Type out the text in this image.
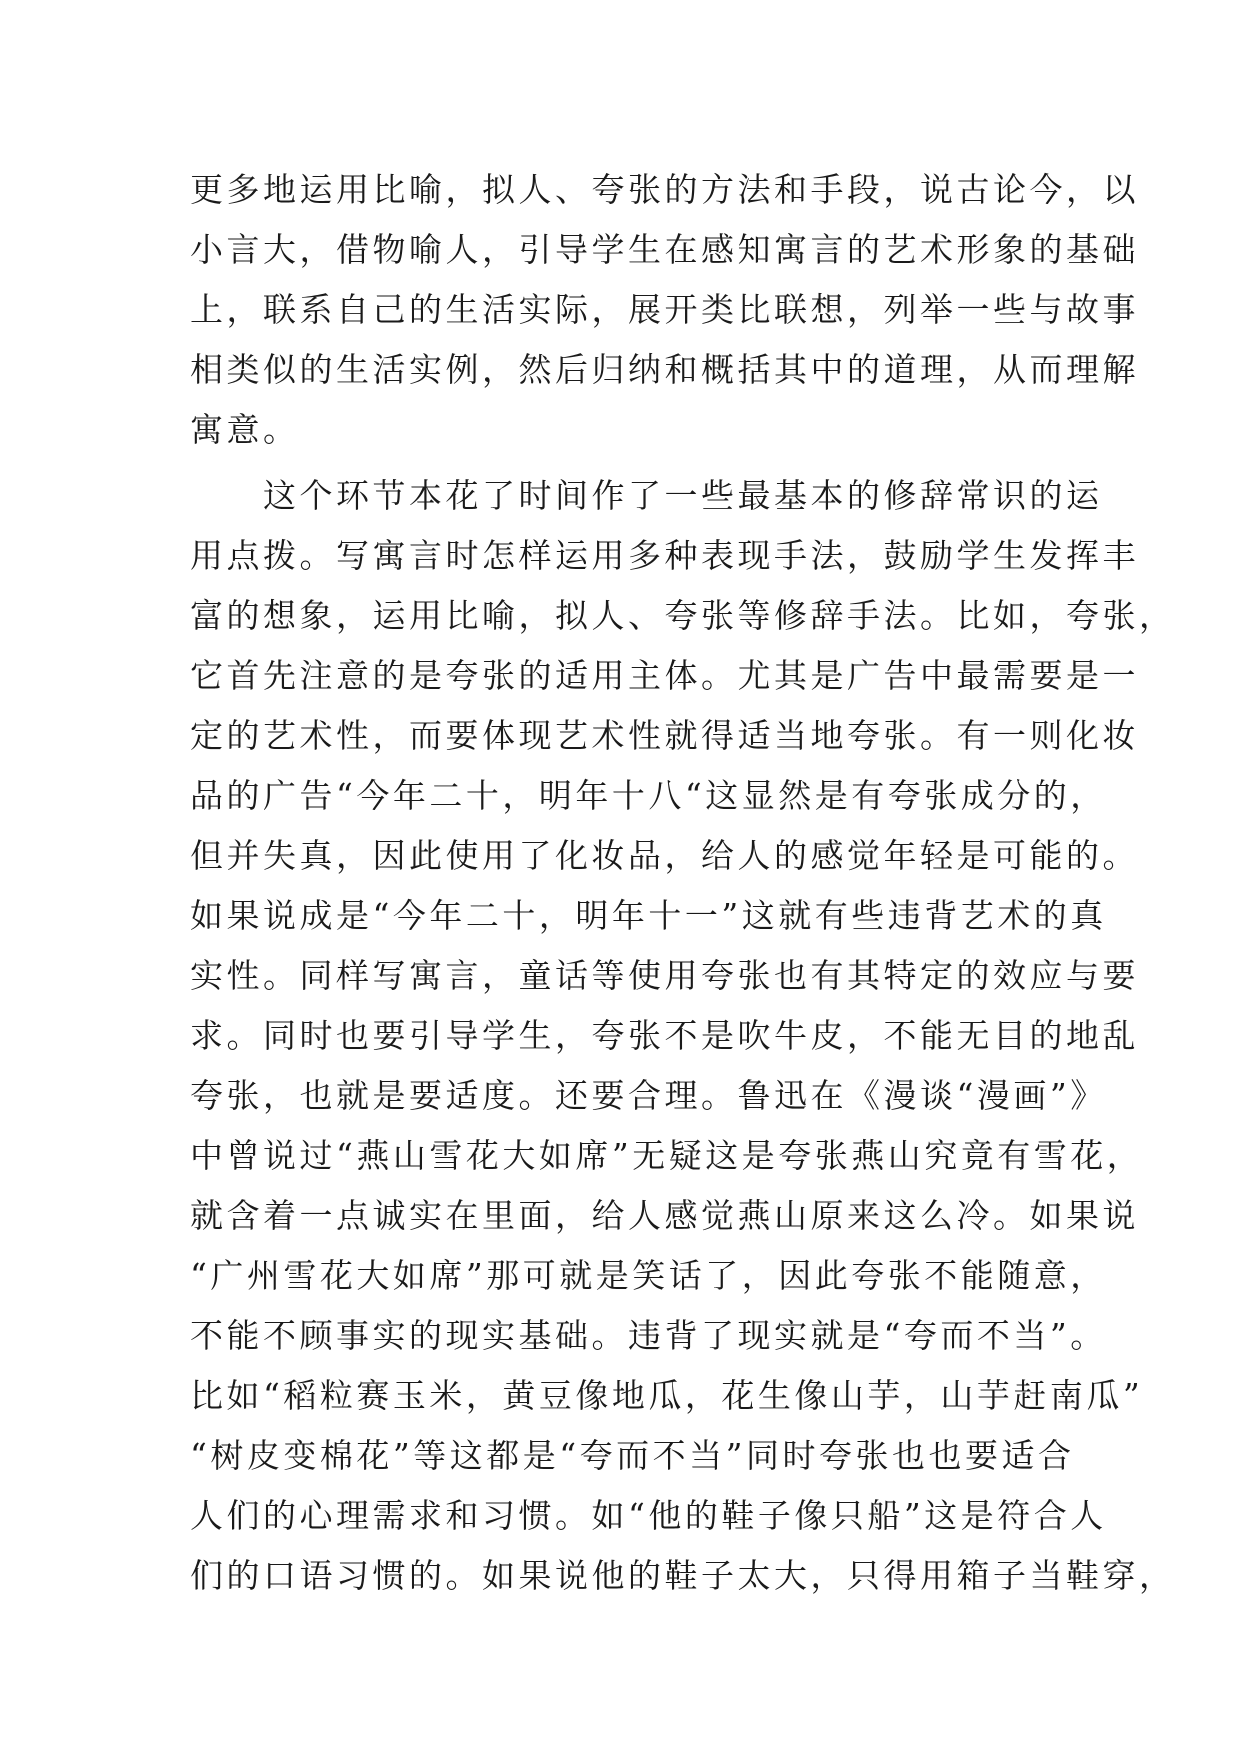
更多地运用比喻，拟人、夸张的方法和手段，说古论今，以
小言大，借物喻人，引导学生在感知寓言的艺术形象的基础
上，联系自己的生活实际，展开类比联想，列举一些与故事
相类似的生活实例，然后归纳和概括其中的道理，从而理解
寓意。
　　这个环节本花了时间作了一些最基本的修辞常识的运
用点拨。写寓言时怎样运用多种表现手法，鼓励学生发挥丰
富的想象，运用比喻，拟人、夸张等修辞手法。比如，夸张，
它首先注意的是夸张的适用主体。尤其是广告中最需要是一
定的艺术性，而要体现艺术性就得适当地夸张。有一则化妆
品的广告“今年二十，明年十八“这显然是有夸张成分的，
但并失真，因此使用了化妆品，给人的感觉年轻是可能的。
如果说成是“今年二十，明年十一”这就有些违背艺术的真
实性。同样写寓言，童话等使用夸张也有其特定的效应与要
求。同时也要引导学生，夸张不是吹牛皮，不能无目的地乱
夸张，也就是要适度。还要合理。鲁迅在《漫谈“漫画”》
中曾说过“燕山雪花大如席”无疑这是夸张燕山究竟有雪花，
就含着一点诚实在里面，给人感觉燕山原来这么冷。如果说
“广州雪花大如席”那可就是笑话了，因此夸张不能随意，
不能不顾事实的现实基础。违背了现实就是“夸而不当”。
比如“稻粒赛玉米，黄豆像地瓜，花生像山芋，山芋赶南瓜”
“树皮变棉花”等这都是“夸而不当”同时夸张也也要适合
人们的心理需求和习惯。如“他的鞋子像只船”这是符合人
们的口语习惯的。如果说他的鞋子太大，只得用箱子当鞋穿，
